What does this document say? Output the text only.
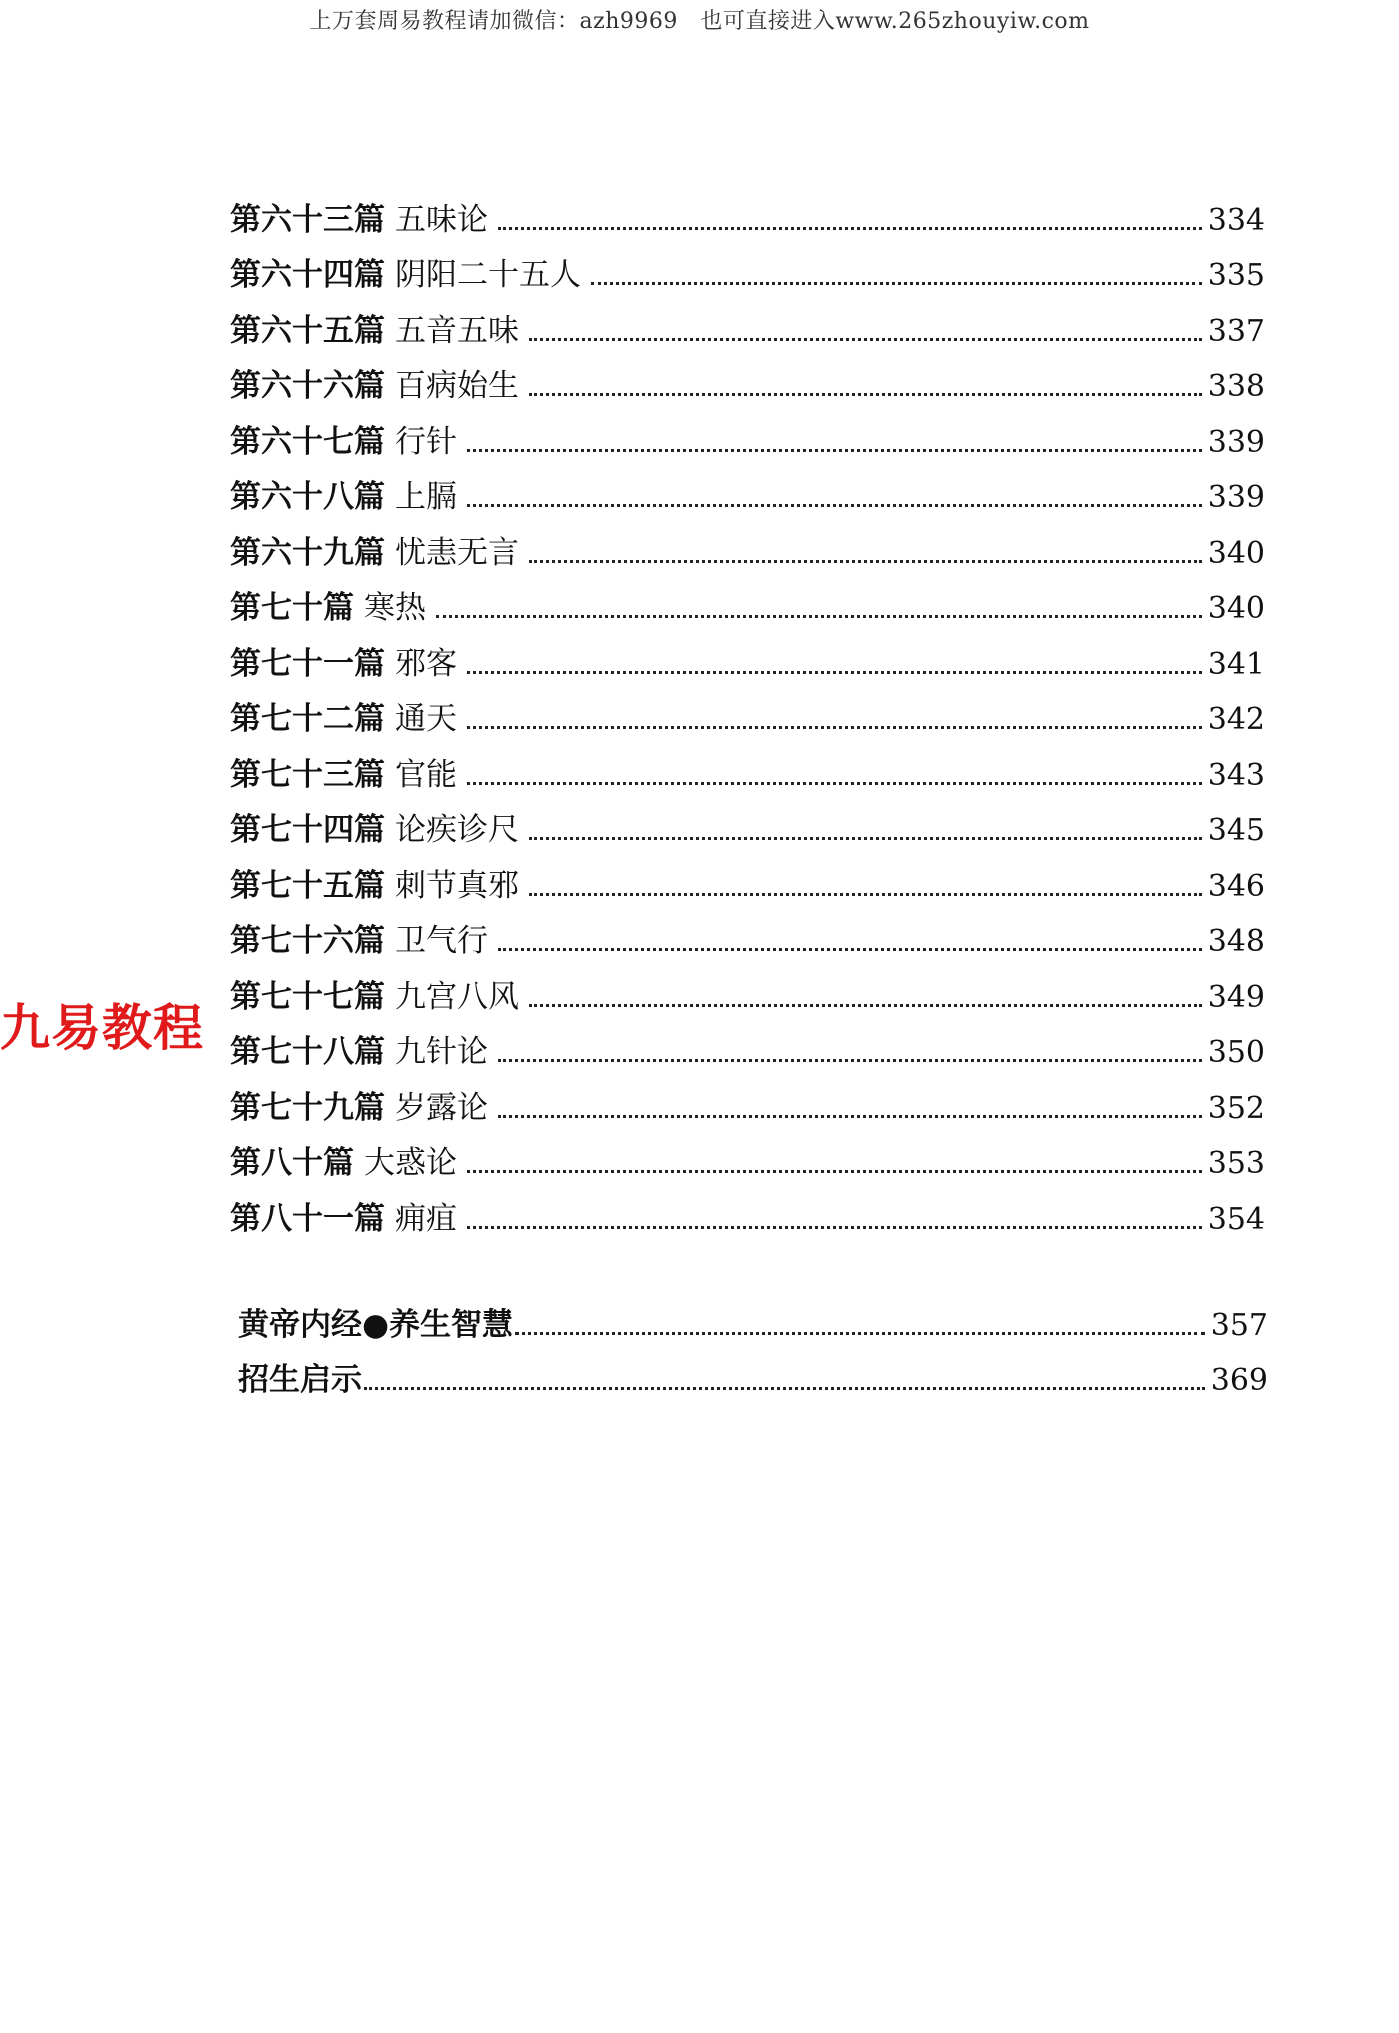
上万套周易教程请加微信：azh9969　也可直接进入www.265zhouyiw.com
九易教程
第六十三篇 五味论	334
第六十四篇 阴阳二十五人	335
第六十五篇 五音五味	337
第六十六篇 百病始生	338
第六十七篇 行针	339
第六十八篇 上膈	339
第六十九篇 忧恚无言	340
第七十篇 寒热	340
第七十一篇 邪客	341
第七十二篇 通天	342
第七十三篇 官能	343
第七十四篇 论疾诊尺	345
第七十五篇 刺节真邪	346
第七十六篇 卫气行	348
第七十七篇 九宫八风	349
第七十八篇 九针论	350
第七十九篇 岁露论	352
第八十篇 大惑论	353
第八十一篇 痈疽	354
黄帝内经●养生智慧	357
招生启示	369
